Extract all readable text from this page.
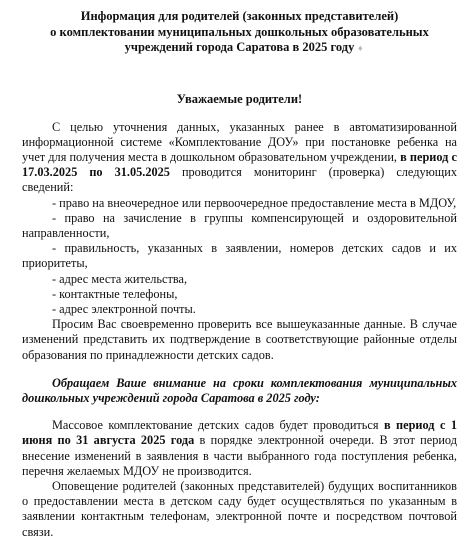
Информация для родителей (законных представителей)
о комплектовании муниципальных дошкольных образовательных
учреждений города Саратова в 2025 году ♦
Уважаемые родители!

С целью уточнения данных, указанных ранее в автоматизированной информационной системе «Комплектование ДОУ» при постановке ребенка на учет для получения места в дошкольном образовательном учреждении, в период с 17.03.2025 по 31.05.2025 проводится мониторинг (проверка) следующих сведений:

- право на внеочередное или первоочередное предоставление места в МДОУ,

- право на зачисление в группы компенсирующей и оздоровительной направленности,

- правильность, указанных в заявлении, номеров детских садов и их приоритеты,

- адрес места жительства,

- контактные телефоны,

- адрес электронной почты.

Просим Вас своевременно проверить все вышеуказанные данные. В случае изменений представить их подтверждение в соответствующие районные отделы образования по принадлежности детских садов.

Обращаем Ваше внимание на сроки комплектования муниципальных дошкольных учреждений города Саратова в 2025 году:

Массовое комплектование детских садов будет проводиться в период с 1 июня по 31 августа 2025 года в порядке электронной очереди. В этот период внесение изменений в заявления в части выбранного года поступления ребенка, перечня желаемых МДОУ не производится.

Оповещение родителей (законных представителей) будущих воспитанников о предоставлении места в детском саду будет осуществляться по указанным в заявлении контактным телефонам, электронной почте и посредством почтовой связи.
